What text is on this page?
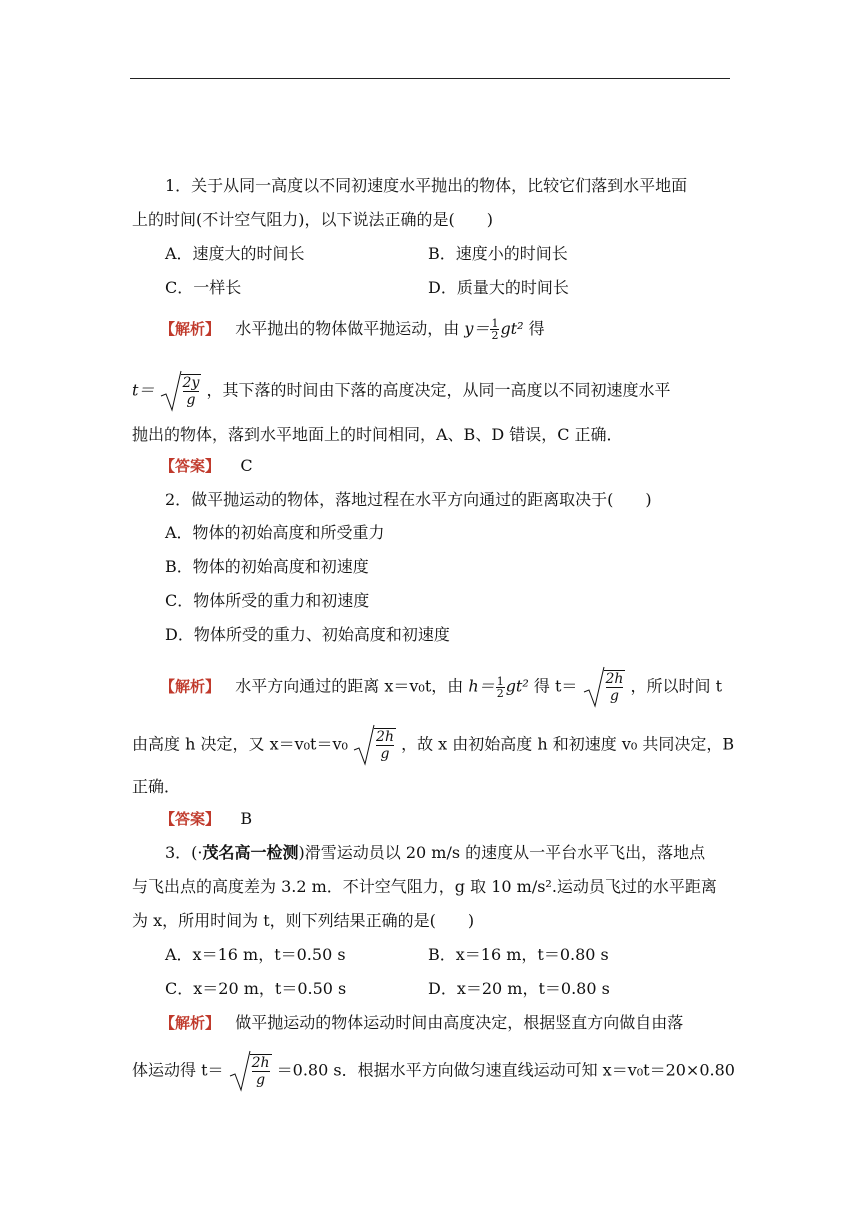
1．关于从同一高度以不同初速度水平抛出的物体，比较它们落到水平地面
上的时间(不计空气阻力)，以下说法正确的是(　　)
A．速度大的时间长	B．速度小的时间长
C．一样长	D．质量大的时间长
【解析】 水平抛出的物体做平抛运动，由 $y= \frac{1}{2} gt^2$ 得
t＝ 2y
g
，其下落的时间由下落的高度决定，从同一高度以不同初速度水平
抛出的物体，落到水平地面上的时间相同，A、B、D 错误，C 正确．
【答案】 C
2．做平抛运动的物体，落地过程在水平方向通过的距离取决于(　　)
A．物体的初始高度和所受重力
B．物体的初始高度和初速度
C．物体所受的重力和初速度
D．物体所受的重力、初始高度和初速度
【解析】 水平方向通过的距离 x＝v₀t，由 $h= \frac{1}{2} gt^2$ 得 t＝ 2h
g
，所以时间 t
由高度 h 决定，又 x＝v₀t＝v₀ 2h
g
，故 x 由初始高度 h 和初速度 v₀ 共同决定，B
正确．
【答案】 B
3．(·茂名高一检测)滑雪运动员以 20 m/s 的速度从一平台水平飞出，落地点
与飞出点的高度差为 3.2 m．不计空气阻力，g 取 10 m/s².运动员飞过的水平距离
为 x，所用时间为 t，则下列结果正确的是(　　)
A．x＝16 m，t＝0.50 s	B．x＝16 m，t＝0.80 s
C．x＝20 m，t＝0.50 s	D．x＝20 m，t＝0.80 s
【解析】 做平抛运动的物体运动时间由高度决定，根据竖直方向做自由落
体运动得 t＝ 2h
g
＝0.80 s．根据水平方向做匀速直线运动可知 x＝v₀t＝20×0.80
